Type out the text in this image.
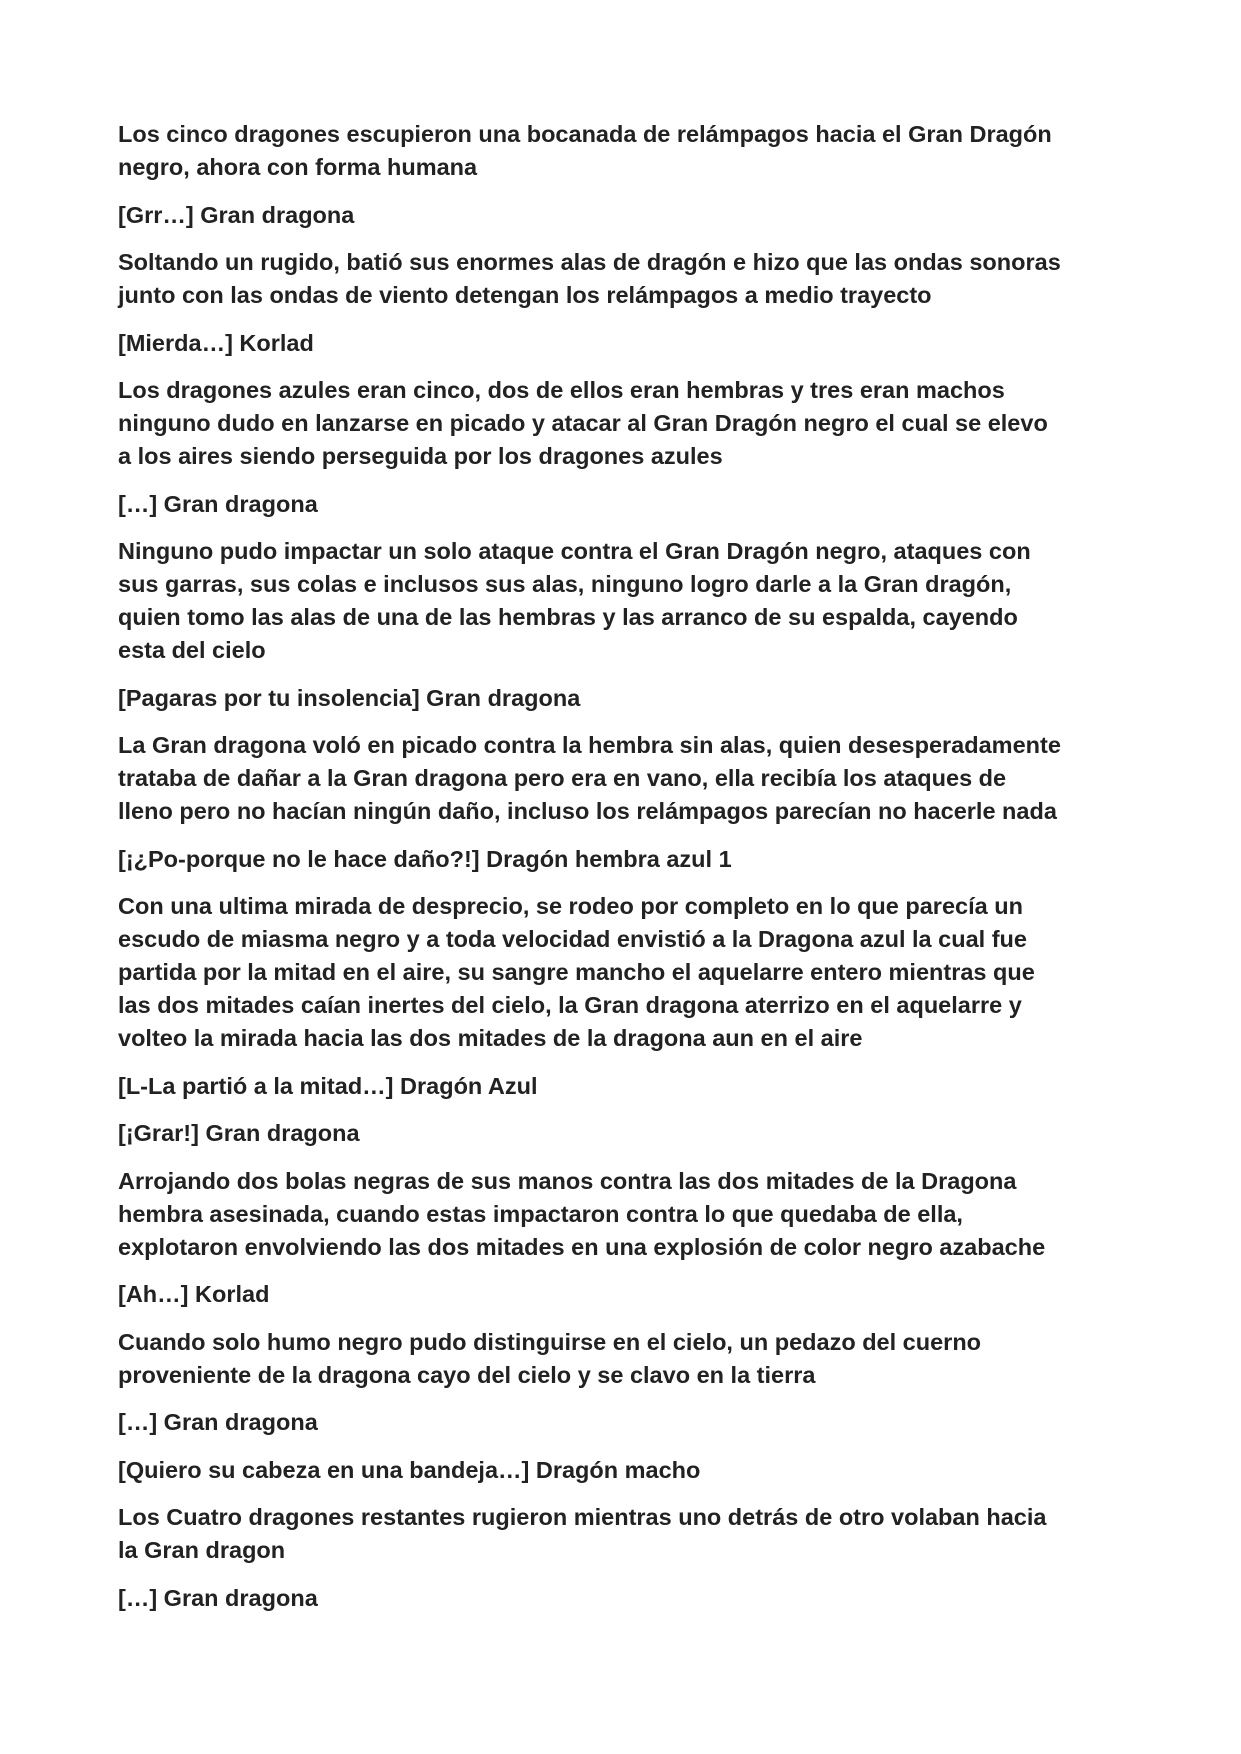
Los cinco dragones escupieron una bocanada de relámpagos hacia el Gran Dragón
negro, ahora con forma humana

[Grr…] Gran dragona

Soltando un rugido, batió sus enormes alas de dragón e hizo que las ondas sonoras
junto con las ondas de viento detengan los relámpagos a medio trayecto

[Mierda…] Korlad

Los dragones azules eran cinco, dos de ellos eran hembras y tres eran machos
ninguno dudo en lanzarse en picado y atacar al Gran Dragón negro el cual se elevo
a los aires siendo perseguida por los dragones azules

[…] Gran dragona

Ninguno pudo impactar un solo ataque contra el Gran Dragón negro, ataques con
sus garras, sus colas e inclusos sus alas, ninguno logro darle a la Gran dragón,
quien tomo las alas de una de las hembras y las arranco de su espalda, cayendo
esta del cielo

[Pagaras por tu insolencia] Gran dragona

La Gran dragona voló en picado contra la hembra sin alas, quien desesperadamente
trataba de dañar a la Gran dragona pero era en vano, ella recibía los ataques de
lleno pero no hacían ningún daño, incluso los relámpagos parecían no hacerle nada

[¡¿Po-porque no le hace daño?!] Dragón hembra azul 1

Con una ultima mirada de desprecio, se rodeo por completo en lo que parecía un
escudo de miasma negro y a toda velocidad envistió a la Dragona azul la cual fue
partida por la mitad en el aire, su sangre mancho el aquelarre entero mientras que
las dos mitades caían inertes del cielo, la Gran dragona aterrizo en el aquelarre y
volteo la mirada hacia las dos mitades de la dragona aun en el aire

[L-La partió a la mitad…] Dragón Azul

[¡Grar!] Gran dragona

Arrojando dos bolas negras de sus manos contra las dos mitades de la Dragona
hembra asesinada, cuando estas impactaron contra lo que quedaba de ella,
explotaron envolviendo las dos mitades en una explosión de color negro azabache

[Ah…] Korlad

Cuando solo humo negro pudo distinguirse en el cielo, un pedazo del cuerno
proveniente de la dragona cayo del cielo y se clavo en la tierra

[…] Gran dragona

[Quiero su cabeza en una bandeja…] Dragón macho

Los Cuatro dragones restantes rugieron mientras uno detrás de otro volaban hacia
la Gran dragon

[…] Gran dragona
